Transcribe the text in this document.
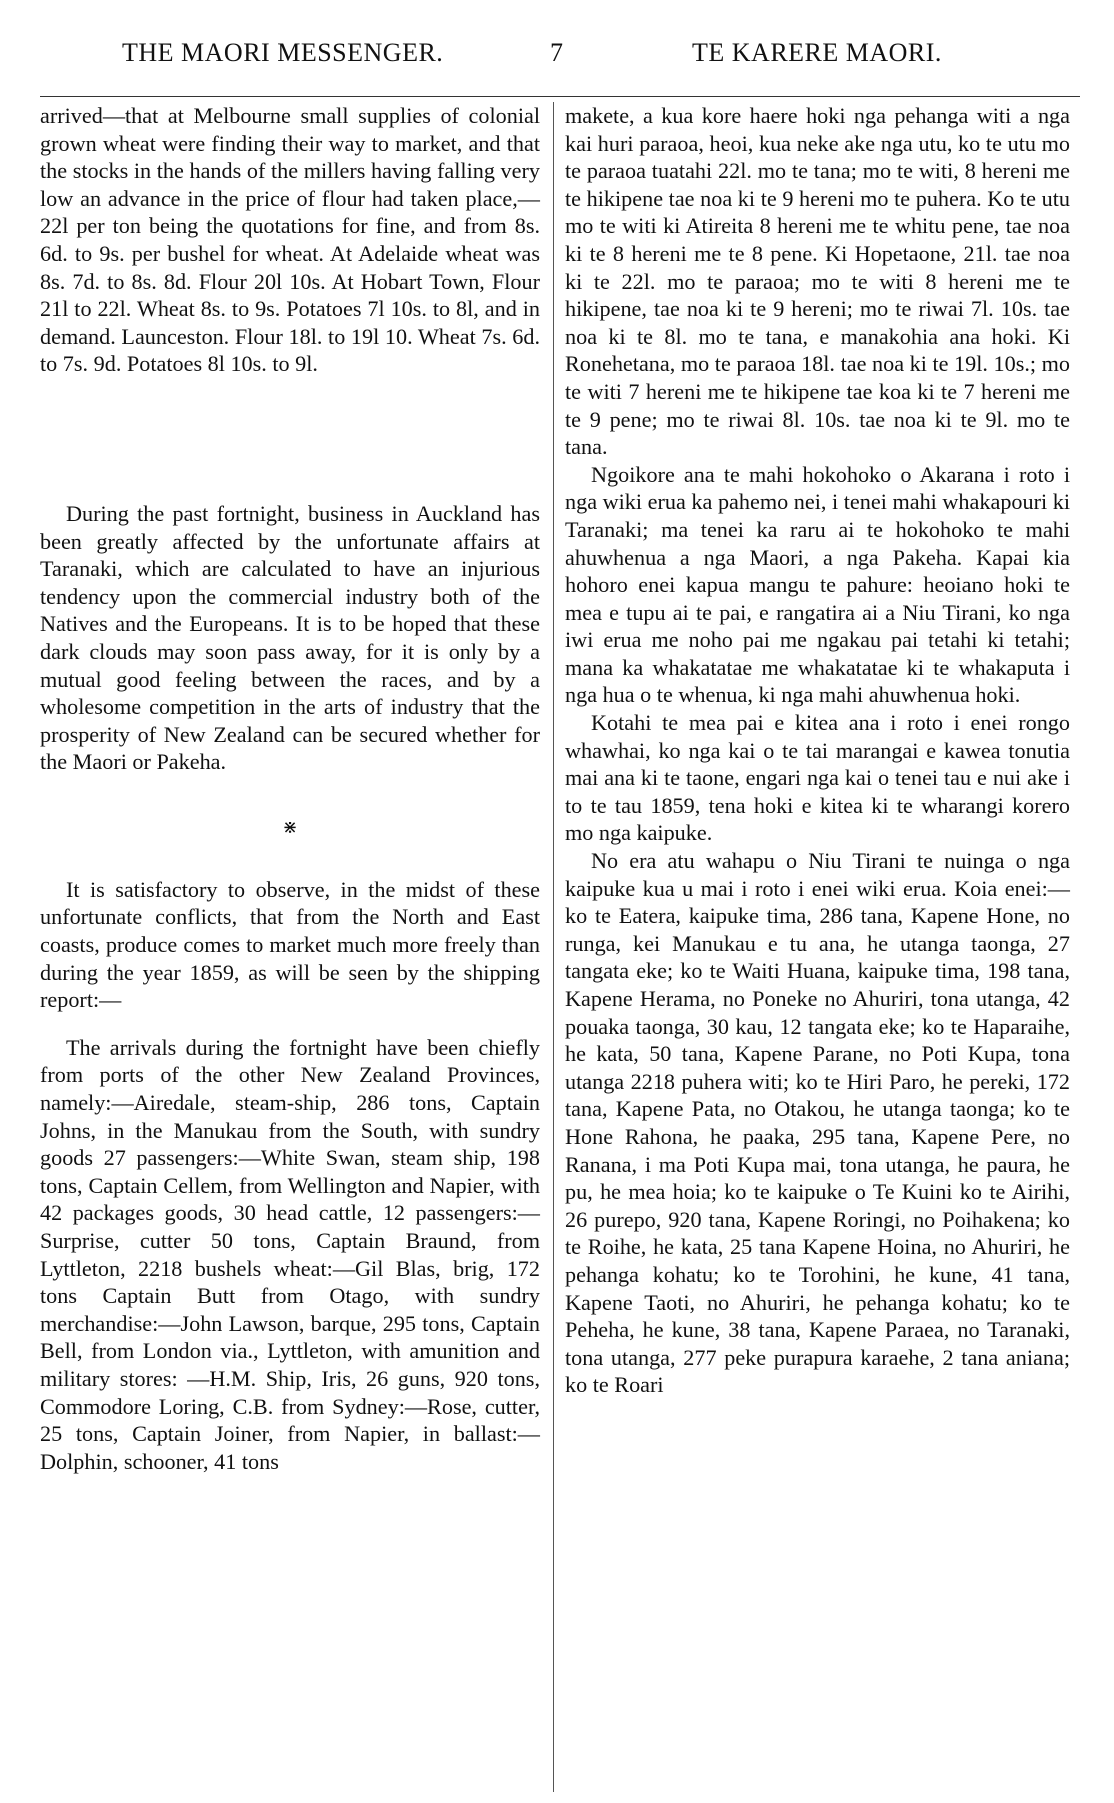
THE MAORI MESSENGER.	7	TE KARERE MAORI.

arrived—that at Melbourne small supplies of colonial grown wheat were finding their way to market, and that the stocks in the hands of the millers having falling very low an advance in the price of flour had taken place,—22l per ton being the quotations for fine, and from 8s. 6d. to 9s. per bushel for wheat. At Adelaide wheat was 8s. 7d. to 8s. 8d. Flour 20l 10s. At Hobart Town, Flour 21l to 22l. Wheat 8s. to 9s. Potatoes 7l 10s. to 8l, and in demand. Launceston. Flour 18l. to 19l 10. Wheat 7s. 6d. to 7s. 9d. Potatoes 8l 10s. to 9l.

During the past fortnight, business in Auckland has been greatly affected by the unfortunate affairs at Taranaki, which are calculated to have an injurious tendency upon the commercial industry both of the Natives and the Europeans. It is to be hoped that these dark clouds may soon pass away, for it is only by a mutual good feeling between the races, and by a wholesome competition in the arts of industry that the prosperity of New Zealand can be secured whether for the Maori or Pakeha.

⋇

It is satisfactory to observe, in the midst of these unfortunate conflicts, that from the North and East coasts, produce comes to market much more freely than during the year 1859, as will be seen by the shipping report:—

The arrivals during the fortnight have been chiefly from ports of the other New Zealand Provinces, namely:—Airedale, steam-ship, 286 tons, Captain Johns, in the Manukau from the South, with sundry goods 27 passengers:—White Swan, steam ship, 198 tons, Captain Cellem, from Wellington and Napier, with 42 packages goods, 30 head cattle, 12 passengers:—Surprise, cutter 50 tons, Captain Braund, from Lyttleton, 2218 bushels wheat:—Gil Blas, brig, 172 tons Captain Butt from Otago, with sundry merchandise:—John Lawson, barque, 295 tons, Captain Bell, from London via., Lyttleton, with amunition and military stores: —H.M. Ship, Iris, 26 guns, 920 tons, Commodore Loring, C.B. from Sydney:—Rose, cutter, 25 tons, Captain Joiner, from Napier, in ballast:—Dolphin, schooner, 41 tons

makete, a kua kore haere hoki nga pehanga witi a nga kai huri paraoa, heoi, kua neke ake nga utu, ko te utu mo te paraoa tuatahi 22l. mo te tana; mo te witi, 8 hereni me te hikipene tae noa ki te 9 hereni mo te puhera. Ko te utu mo te witi ki Atireita 8 hereni me te whitu pene, tae noa ki te 8 hereni me te 8 pene. Ki Hopetaone, 21l. tae noa ki te 22l. mo te paraoa; mo te witi 8 hereni me te hikipene, tae noa ki te 9 hereni; mo te riwai 7l. 10s. tae noa ki te 8l. mo te tana, e manakohia ana hoki. Ki Ronehetana, mo te paraoa 18l. tae noa ki te 19l. 10s.; mo te witi 7 hereni me te hikipene tae koa ki te 7 hereni me te 9 pene; mo te riwai 8l. 10s. tae noa ki te 9l. mo te tana.

Ngoikore ana te mahi hokohoko o Akarana i roto i nga wiki erua ka pahemo nei, i tenei mahi whakapouri ki Taranaki; ma tenei ka raru ai te hokohoko te mahi ahuwhenua a nga Maori, a nga Pakeha. Kapai kia hohoro enei kapua mangu te pahure: heoiano hoki te mea e tupu ai te pai, e rangatira ai a Niu Tirani, ko nga iwi erua me noho pai me ngakau pai tetahi ki tetahi; mana ka whakatatae me whakatatae ki te whakaputa i nga hua o te whenua, ki nga mahi ahuwhenua hoki.

Kotahi te mea pai e kitea ana i roto i enei rongo whawhai, ko nga kai o te tai marangai e kawea tonutia mai ana ki te taone, engari nga kai o tenei tau e nui ake i to te tau 1859, tena hoki e kitea ki te wharangi korero mo nga kaipuke.

No era atu wahapu o Niu Tirani te nuinga o nga kaipuke kua u mai i roto i enei wiki erua. Koia enei:—ko te Eatera, kaipuke tima, 286 tana, Kapene Hone, no runga, kei Manukau e tu ana, he utanga taonga, 27 tangata eke; ko te Waiti Huana, kaipuke tima, 198 tana, Kapene Herama, no Poneke no Ahuriri, tona utanga, 42 pouaka taonga, 30 kau, 12 tangata eke; ko te Haparaihe, he kata, 50 tana, Kapene Parane, no Poti Kupa, tona utanga 2218 puhera witi; ko te Hiri Paro, he pereki, 172 tana, Kapene Pata, no Otakou, he utanga taonga; ko te Hone Rahona, he paaka, 295 tana, Kapene Pere, no Ranana, i ma Poti Kupa mai, tona utanga, he paura, he pu, he mea hoia; ko te kaipuke o Te Kuini ko te Airihi, 26 purepo, 920 tana, Kapene Roringi, no Poihakena; ko te Roihe, he kata, 25 tana Kapene Hoina, no Ahuriri, he pehanga kohatu; ko te Torohini, he kune, 41 tana, Kapene Taoti, no Ahuriri, he pehanga kohatu; ko te Peheha, he kune, 38 tana, Kapene Paraea, no Taranaki, tona utanga, 277 peke purapura karaehe, 2 tana aniana; ko te Roari
